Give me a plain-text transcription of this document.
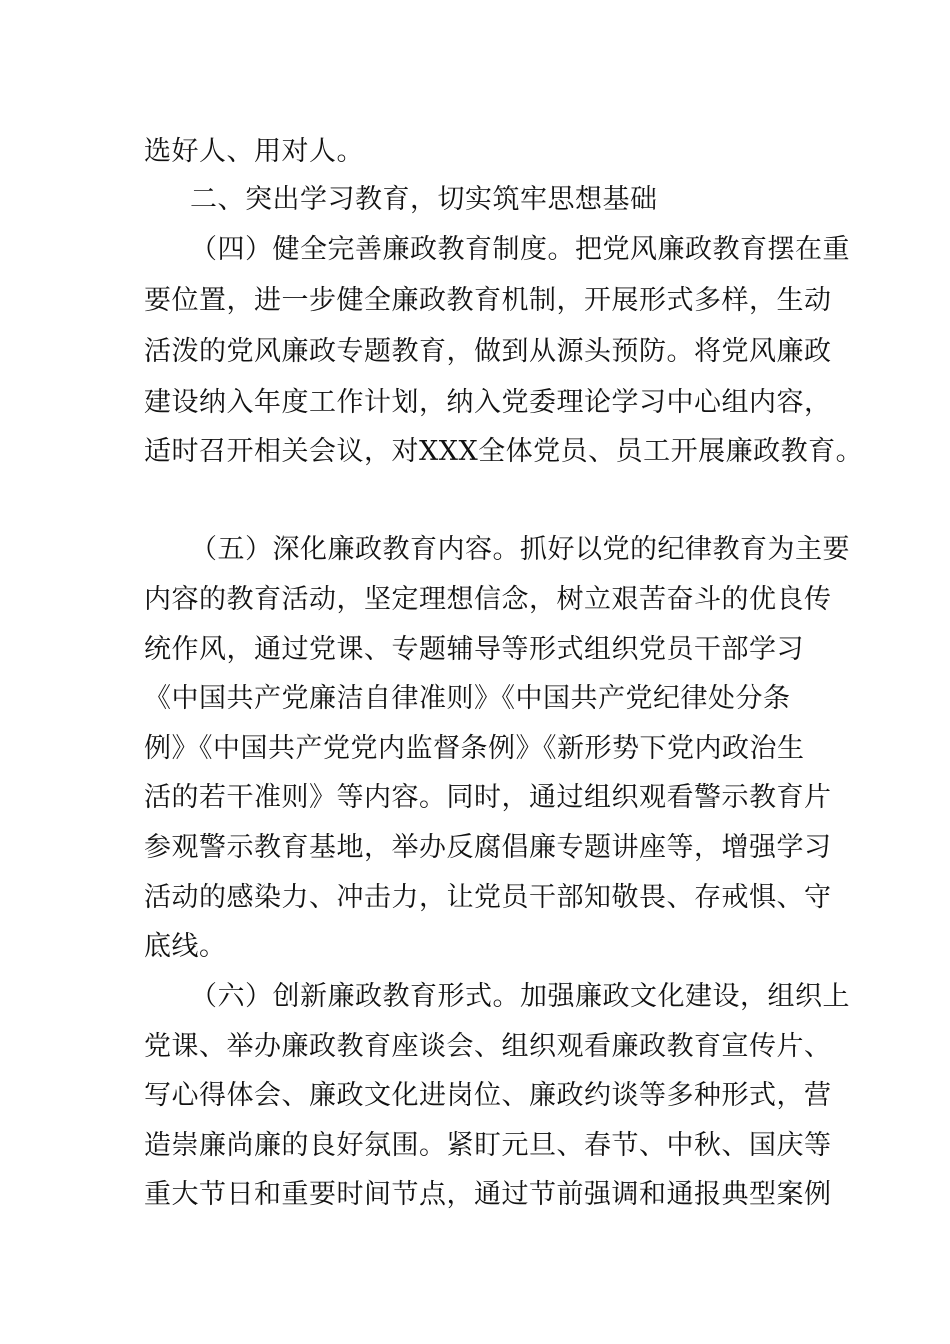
选好人、用对人。
二、突出学习教育，切实筑牢思想基础
（四）健全完善廉政教育制度。把党风廉政教育摆在重
要位置，进一步健全廉政教育机制，开展形式多样，生动
活泼的党风廉政专题教育，做到从源头预防。将党风廉政
建设纳入年度工作计划，纳入党委理论学习中心组内容，
适时召开相关会议，对XXX全体党员、员工开展廉政教育。
（五）深化廉政教育内容。抓好以党的纪律教育为主要
内容的教育活动，坚定理想信念，树立艰苦奋斗的优良传
统作风，通过党课、专题辅导等形式组织党员干部学习
《中国共产党廉洁自律准则》《中国共产党纪律处分条
例》《中国共产党党内监督条例》《新形势下党内政治生
活的若干准则》等内容。同时，通过组织观看警示教育片
参观警示教育基地，举办反腐倡廉专题讲座等，增强学习
活动的感染力、冲击力，让党员干部知敬畏、存戒惧、守
底线。
（六）创新廉政教育形式。加强廉政文化建设，组织上
党课、举办廉政教育座谈会、组织观看廉政教育宣传片、
写心得体会、廉政文化进岗位、廉政约谈等多种形式，营
造崇廉尚廉的良好氛围。紧盯元旦、春节、中秋、国庆等
重大节日和重要时间节点，通过节前强调和通报典型案例
